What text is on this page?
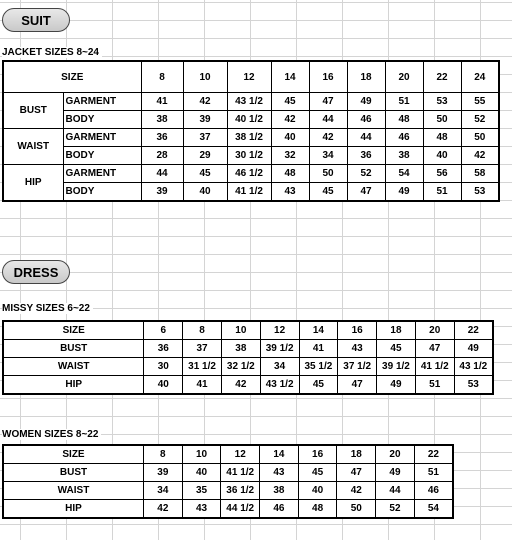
SUIT
JACKET SIZES 8~24
SIZE		8	10	12	14	16	18	20	22	24
BUST	GARMENT	41	42	43 1/2	45	47	49	51	53	55
	BODY	38	39	40 1/2	42	44	46	48	50	52
WAIST	GARMENT	36	37	38 1/2	40	42	44	46	48	50
	BODY	28	29	30 1/2	32	34	36	38	40	42
HIP	GARMENT	44	45	46 1/2	48	50	52	54	56	58
	BODY	39	40	41 1/2	43	45	47	49	51	53
DRESS
MISSY SIZES 6~22
SIZE	6	8	10	12	14	16	18	20	22
BUST	36	37	38	39 1/2	41	43	45	47	49
WAIST	30	31 1/2	32 1/2	34	35 1/2	37 1/2	39 1/2	41 1/2	43 1/2
HIP	40	41	42	43 1/2	45	47	49	51	53
WOMEN SIZES 8~22
SIZE	8	10	12	14	16	18	20	22
BUST	39	40	41 1/2	43	45	47	49	51
WAIST	34	35	36 1/2	38	40	42	44	46
HIP	42	43	44 1/2	46	48	50	52	54
